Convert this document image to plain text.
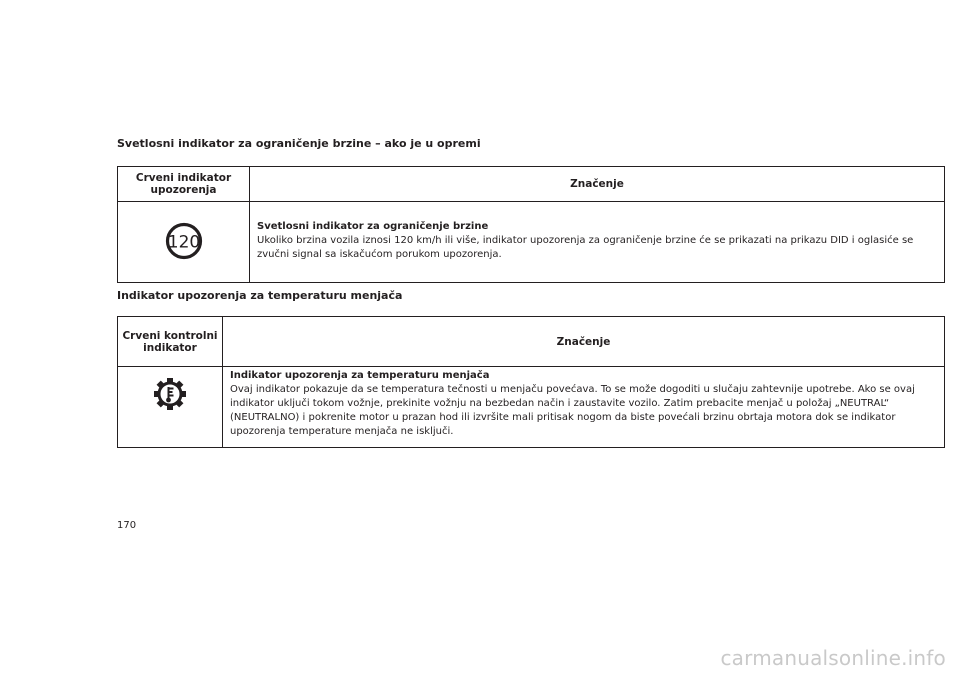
Svetlosni indikator za ograničenje brzine – ako je u opremi

Crveni indikator upozorenja	Značenje

120	Svetlosni indikator za ograničenje brzine
Ukoliko brzina vozila iznosi 120 km/h ili više, indikator upozorenja za ograničenje brzine će se prikazati na prikazu DID i oglasiće se zvučni signal sa iskačućom porukom upozorenja.

Indikator upozorenja za temperaturu menjača

Crveni kontrolni indikator	Značenje

Indikator upozorenja za temperaturu menjača
Ovaj indikator pokazuje da se temperatura tečnosti u menjaču povećava. To se može dogoditi u slučaju zahtevnije upotrebe. Ako se ovaj indikator uključi tokom vožnje, prekinite vožnju na bezbedan način i zaustavite vozilo. Zatim prebacite menjač u položaj „NEUTRAL“ (NEUTRALNO) i pokrenite motor u prazan hod ili izvršite mali pritisak nogom da biste povećali brzinu obrtaja motora dok se indikator upozorenja temperature menjača ne isključi.
170
carmanualsonline.info
